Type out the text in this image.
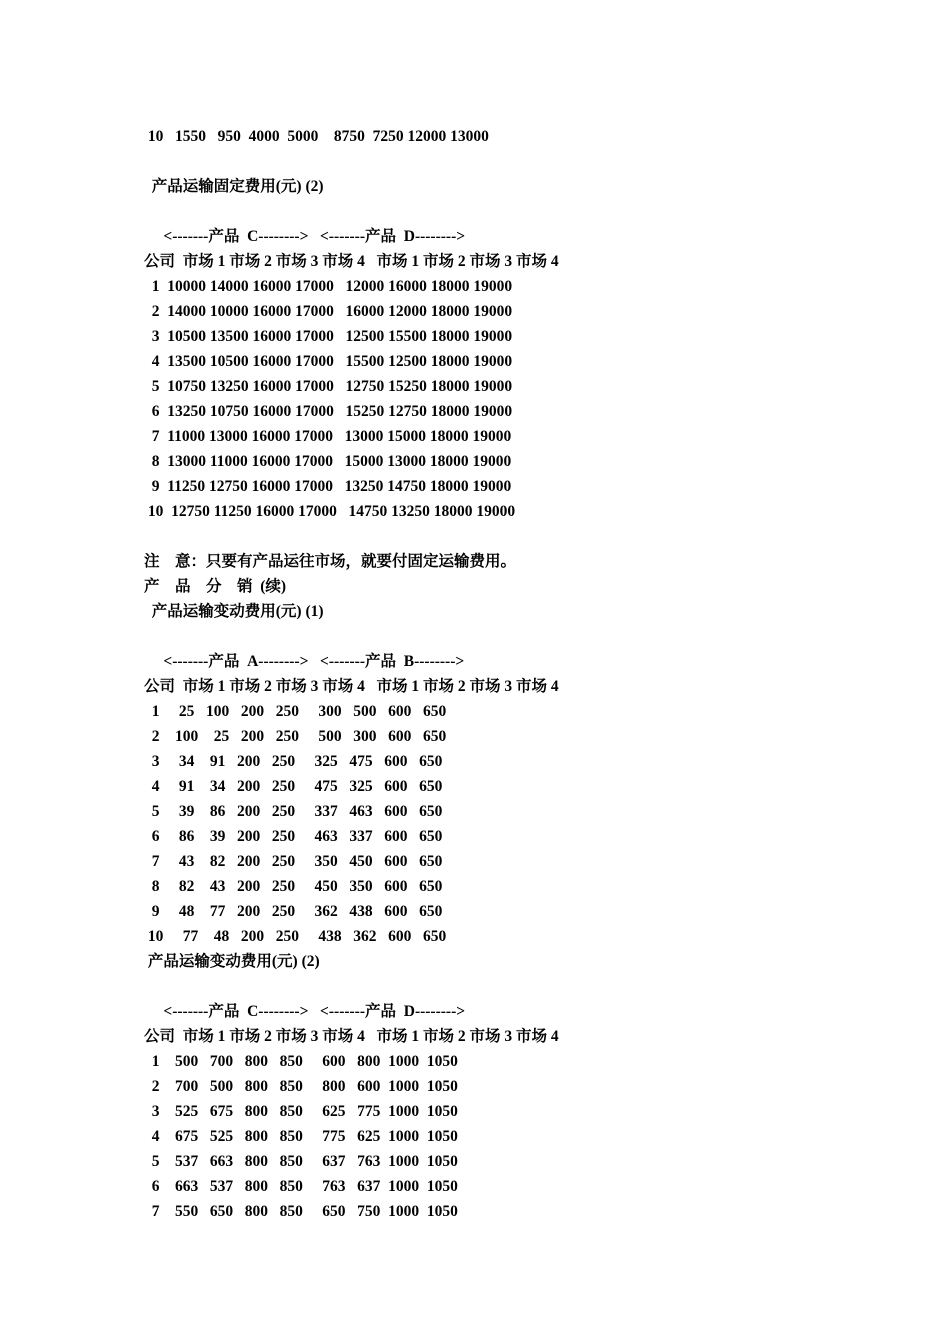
10   1550   950  4000  5000    8750  7250 12000 13000
产品运输固定费用(元) (2)
<-------产品  C-------->   <-------产品  D-------->
公司  市场 1 市场 2 市场 3 市场 4   市场 1 市场 2 市场 3 市场 4
1  10000 14000 16000 17000   12000 16000 18000 19000
2  14000 10000 16000 17000   16000 12000 18000 19000
3  10500 13500 16000 17000   12500 15500 18000 19000
4  13500 10500 16000 17000   15500 12500 18000 19000
5  10750 13250 16000 17000   12750 15250 18000 19000
6  13250 10750 16000 17000   15250 12750 18000 19000
7  11000 13000 16000 17000   13000 15000 18000 19000
8  13000 11000 16000 17000   15000 13000 18000 19000
9  11250 12750 16000 17000   13250 14750 18000 19000
10  12750 11250 16000 17000   14750 13250 18000 19000
注    意：只要有产品运往市场，就要付固定运输费用。
产    品    分    销  (续)
产品运输变动费用(元) (1)
<-------产品  A-------->   <-------产品  B-------->
公司  市场 1 市场 2 市场 3 市场 4   市场 1 市场 2 市场 3 市场 4
1     25   100   200   250     300   500   600   650
2    100    25   200   250     500   300   600   650
3     34    91   200   250     325   475   600   650
4     91    34   200   250     475   325   600   650
5     39    86   200   250     337   463   600   650
6     86    39   200   250     463   337   600   650
7     43    82   200   250     350   450   600   650
8     82    43   200   250     450   350   600   650
9     48    77   200   250     362   438   600   650
10     77    48   200   250     438   362   600   650
产品运输变动费用(元) (2)
<-------产品  C-------->   <-------产品  D-------->
公司  市场 1 市场 2 市场 3 市场 4   市场 1 市场 2 市场 3 市场 4
1    500   700   800   850     600   800  1000  1050
2    700   500   800   850     800   600  1000  1050
3    525   675   800   850     625   775  1000  1050
4    675   525   800   850     775   625  1000  1050
5    537   663   800   850     637   763  1000  1050
6    663   537   800   850     763   637  1000  1050
7    550   650   800   850     650   750  1000  1050
